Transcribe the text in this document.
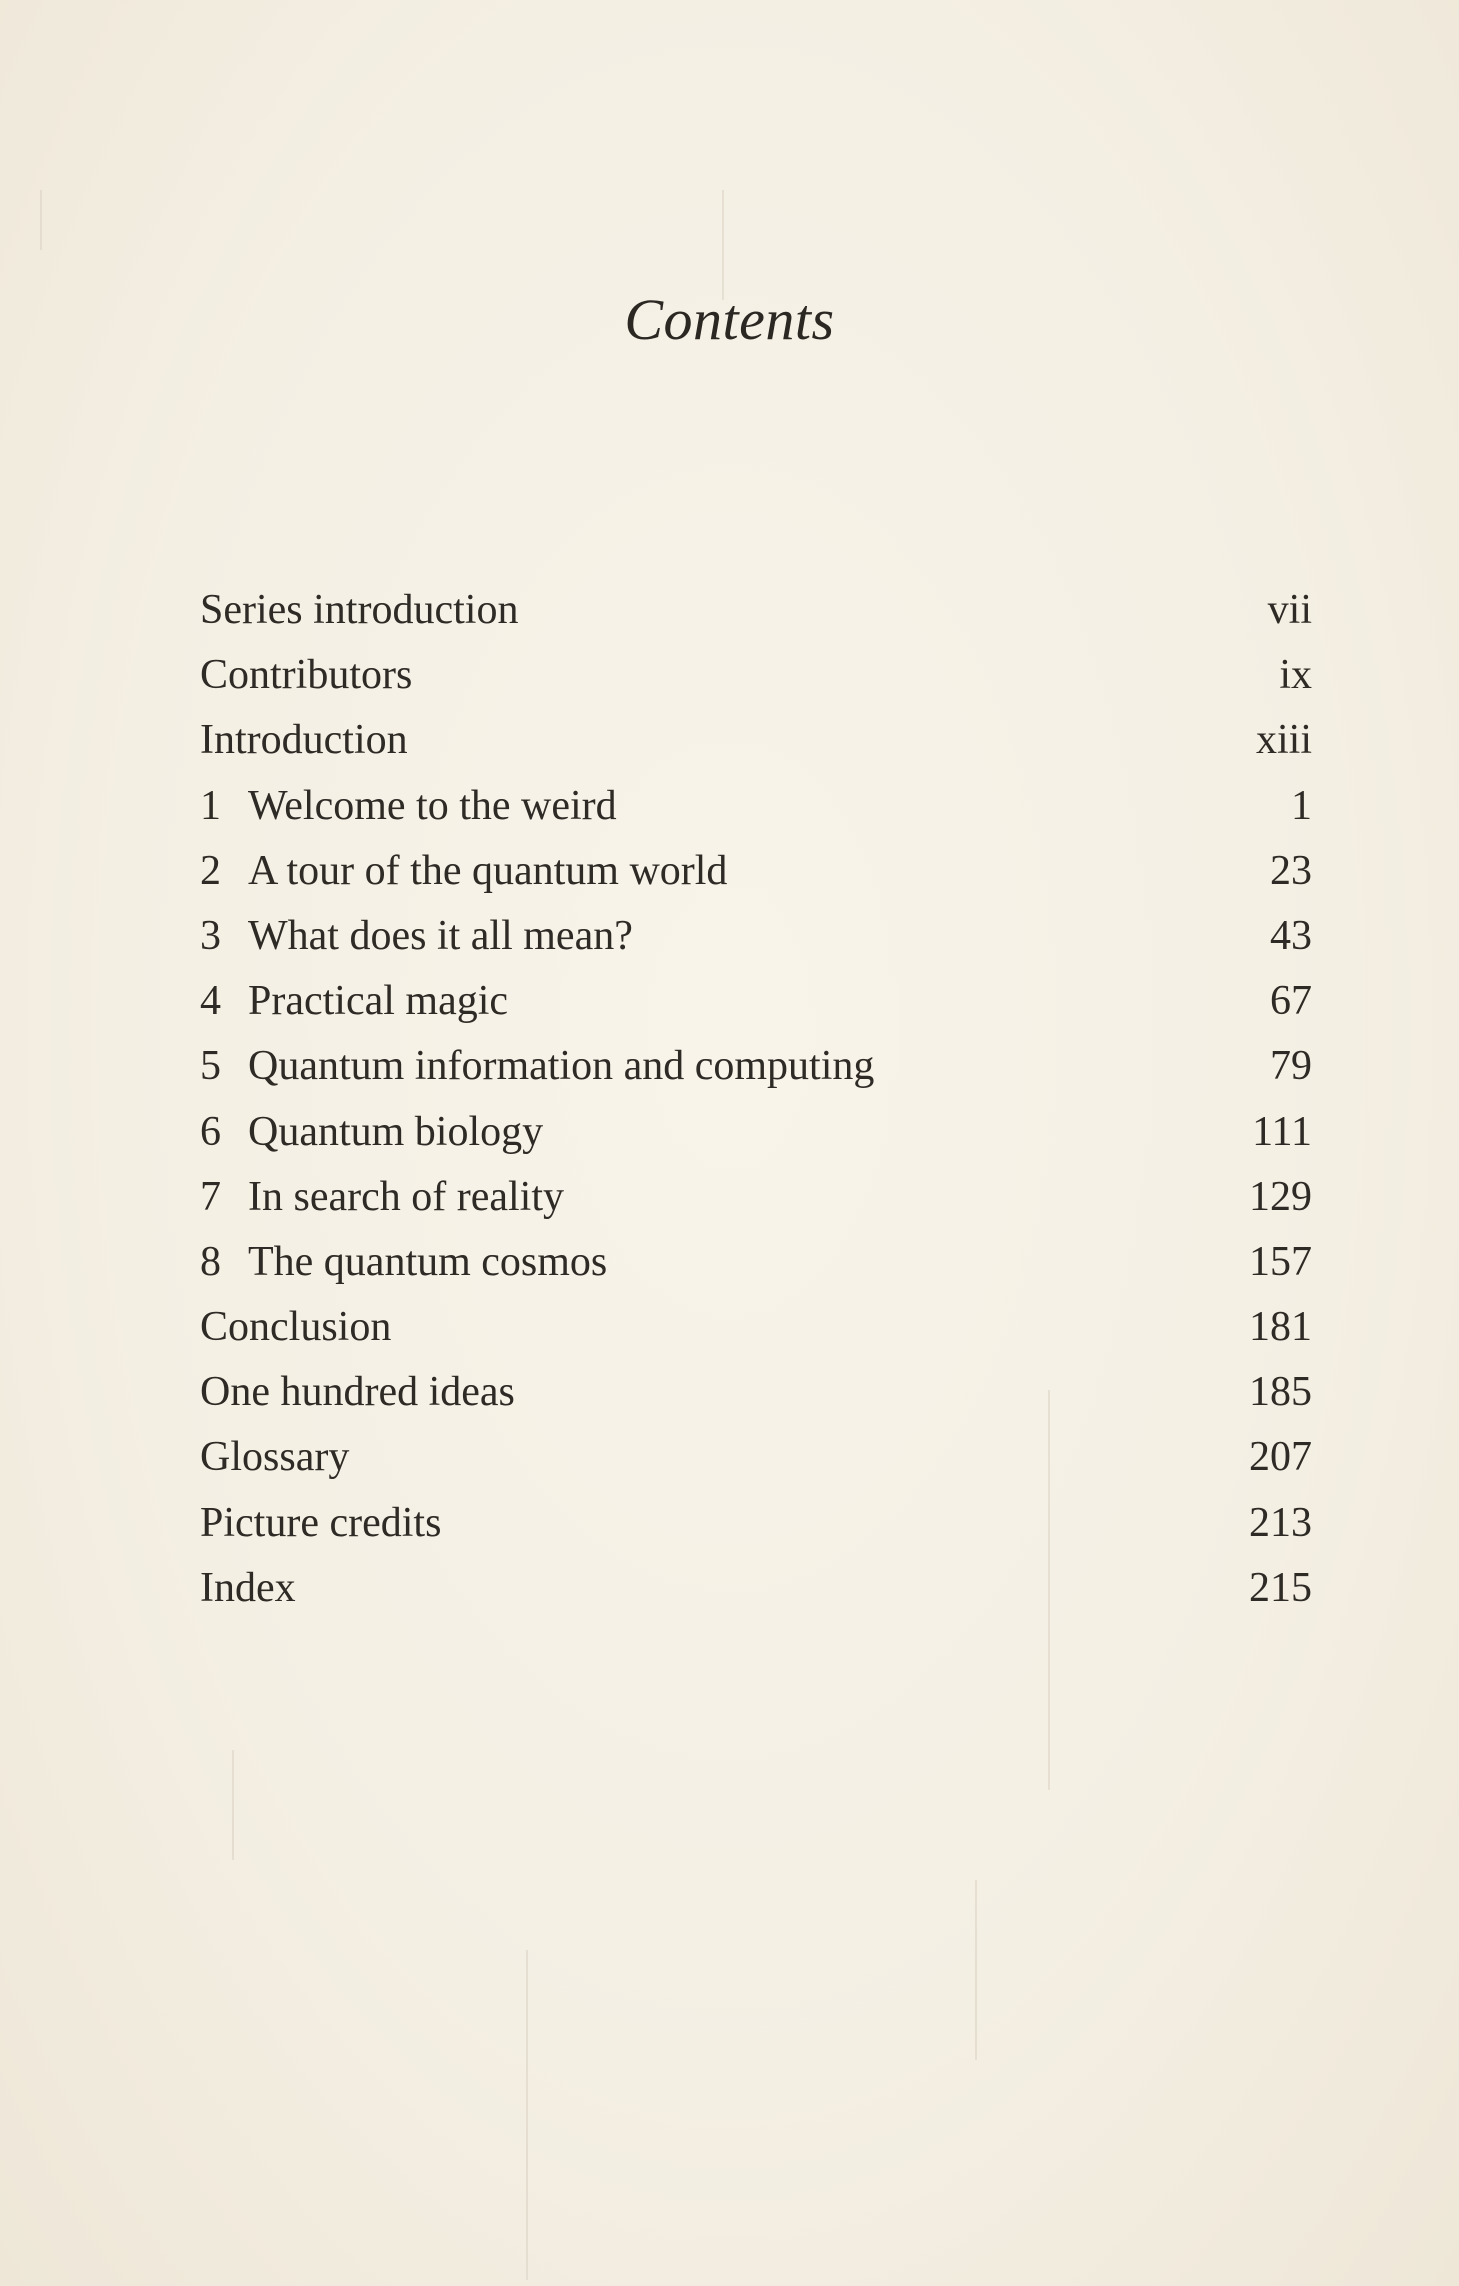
Contents
Series introduction	vii
Contributors	ix
Introduction	xiii
1 Welcome to the weird	1
2 A tour of the quantum world	23
3 What does it all mean?	43
4 Practical magic	67
5 Quantum information and computing	79
6 Quantum biology	111
7 In search of reality	129
8 The quantum cosmos	157
Conclusion	181
One hundred ideas	185
Glossary	207
Picture credits	213
Index	215
